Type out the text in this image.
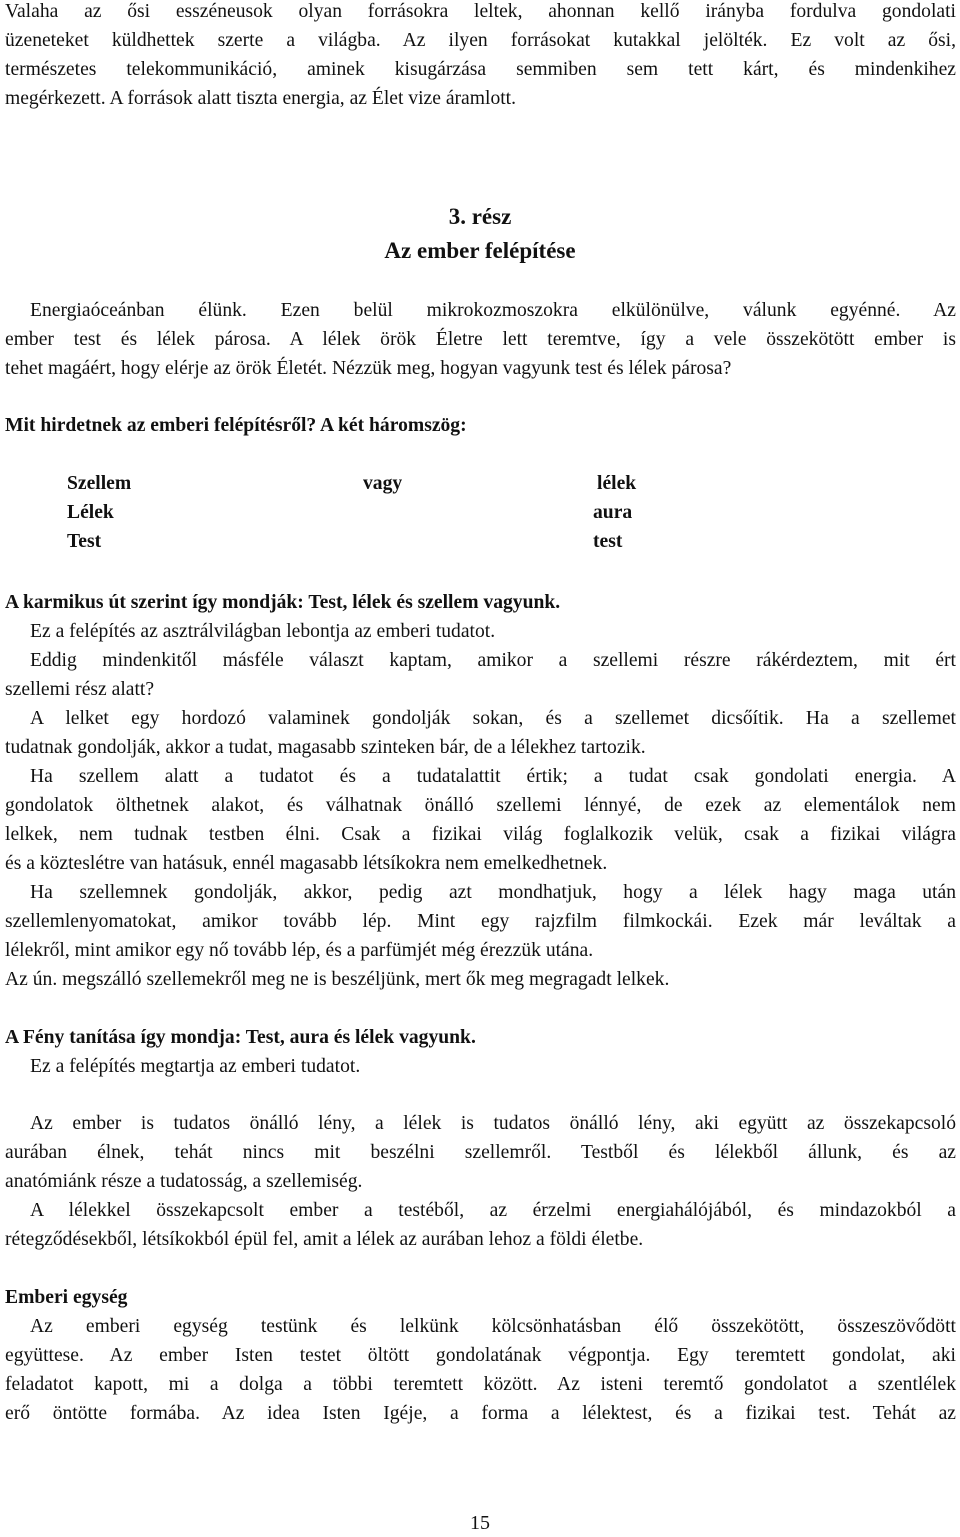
Valaha az ősi esszéneusok olyan forrásokra leltek, ahonnan kellő irányba fordulva gondolati
üzeneteket küldhettek szerte a világba. Az ilyen forrásokat kutakkal jelölték. Ez volt az ősi,
természetes telekommunikáció, aminek kisugárzása semmiben sem tett kárt, és mindenkihez
megérkezett. A források alatt tiszta energia, az Élet vize áramlott.
3. rész
Az ember felépítése
Energiaóceánban élünk. Ezen belül mikrokozmoszokra elkülönülve, válunk egyénné. Az
ember test és lélek párosa. A lélek örök Életre lett teremtve, így a vele összekötött ember is
tehet magáért, hogy elérje az örök Életét. Nézzük meg, hogyan vagyunk test és lélek párosa?
Mit hirdetnek az emberi felépítésről? A két háromszög:
Szellem
Lélek
Test
vagy	lélek
aura
test
A karmikus út szerint így mondják: Test, lélek és szellem vagyunk.
Ez a felépítés az asztrálvilágban lebontja az emberi tudatot.
Eddig mindenkitől másféle választ kaptam, amikor a szellemi részre rákérdeztem, mit ért
szellemi rész alatt?
A lelket egy hordozó valaminek gondolják sokan, és a szellemet dicsőítik. Ha a szellemet
tudatnak gondolják, akkor a tudat, magasabb szinteken bár, de a lélekhez tartozik.
Ha szellem alatt a tudatot és a tudatalattit értik; a tudat csak gondolati energia. A
gondolatok ölthetnek alakot, és válhatnak önálló szellemi lénnyé, de ezek az elementálok nem
lelkek, nem tudnak testben élni. Csak a fizikai világ foglalkozik velük, csak a fizikai világra
és a közteslétre van hatásuk, ennél magasabb létsíkokra nem emelkedhetnek.
Ha szellemnek gondolják, akkor, pedig azt mondhatjuk, hogy a lélek hagy maga után
szellemlenyomatokat, amikor tovább lép. Mint egy rajzfilm filmkockái. Ezek már leváltak a
lélekről, mint amikor egy nő tovább lép, és a parfümjét még érezzük utána.
Az ún. megszálló szellemekről meg ne is beszéljünk, mert ők meg megragadt lelkek.
A Fény tanítása így mondja: Test, aura és lélek vagyunk.
Ez a felépítés megtartja az emberi tudatot.
Az ember is tudatos önálló lény, a lélek is tudatos önálló lény, aki együtt az összekapcsoló
aurában élnek, tehát nincs mit beszélni szellemről. Testből és lélekből állunk, és az
anatómiánk része a tudatosság, a szellemiség.
A lélekkel összekapcsolt ember a testéből, az érzelmi energiahálójából, és mindazokból a
rétegződésekből, létsíkokból épül fel, amit a lélek az aurában lehoz a földi életbe.
Emberi egység
Az emberi egység testünk és lelkünk kölcsönhatásban élő összekötött, összeszövődött
együttese. Az ember Isten testet öltött gondolatának végpontja. Egy teremtett gondolat, aki
feladatot kapott, mi a dolga a többi teremtett között. Az isteni teremtő gondolatot a szentlélek
erő öntötte formába. Az idea Isten Igéje, a forma a lélektest, és a fizikai test. Tehát az
15
